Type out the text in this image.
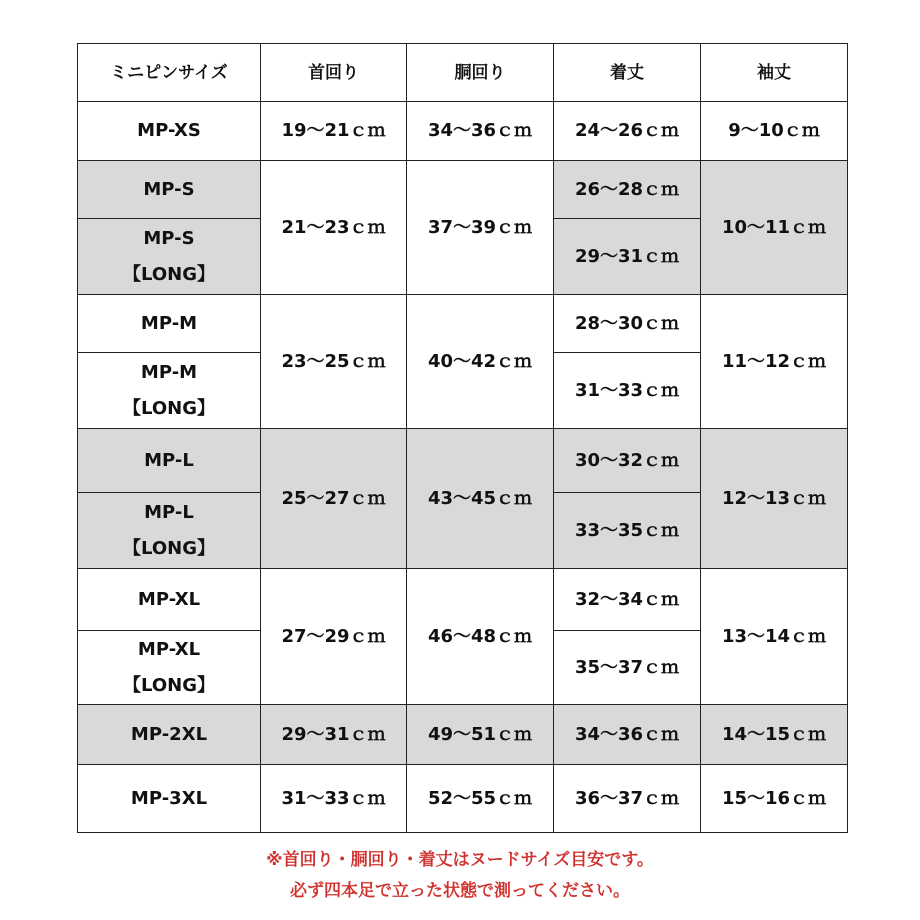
ミニピンサイズ	首回り	胴回り	着丈	袖丈
MP-XS	19～21ｃｍ	34～36ｃｍ	24～26ｃｍ	9～10ｃｍ
MP-S	21～23ｃｍ	37～39ｃｍ	26～28ｃｍ	10～11ｃｍ

MP-S
【LONG】			29～31ｃｍ	
MP-M	23～25ｃｍ	40～42ｃｍ	28～30ｃｍ	11～12ｃｍ

MP-M
【LONG】			31～33ｃｍ	
MP-L	25～27ｃｍ	43～45ｃｍ	30～32ｃｍ	12～13ｃｍ

MP-L
【LONG】			33～35ｃｍ	
MP-XL	27～29ｃｍ	46～48ｃｍ	32～34ｃｍ	13～14ｃｍ

MP-XL
【LONG】			35～37ｃｍ	
MP-2XL	29～31ｃｍ	49～51ｃｍ	34～36ｃｍ	14～15ｃｍ
MP-3XL	31～33ｃｍ	52～55ｃｍ	36～37ｃｍ	15～16ｃｍ
※首回り・胴回り・着丈はヌードサイズ目安です。
必ず四本足で立った状態で測ってください。
